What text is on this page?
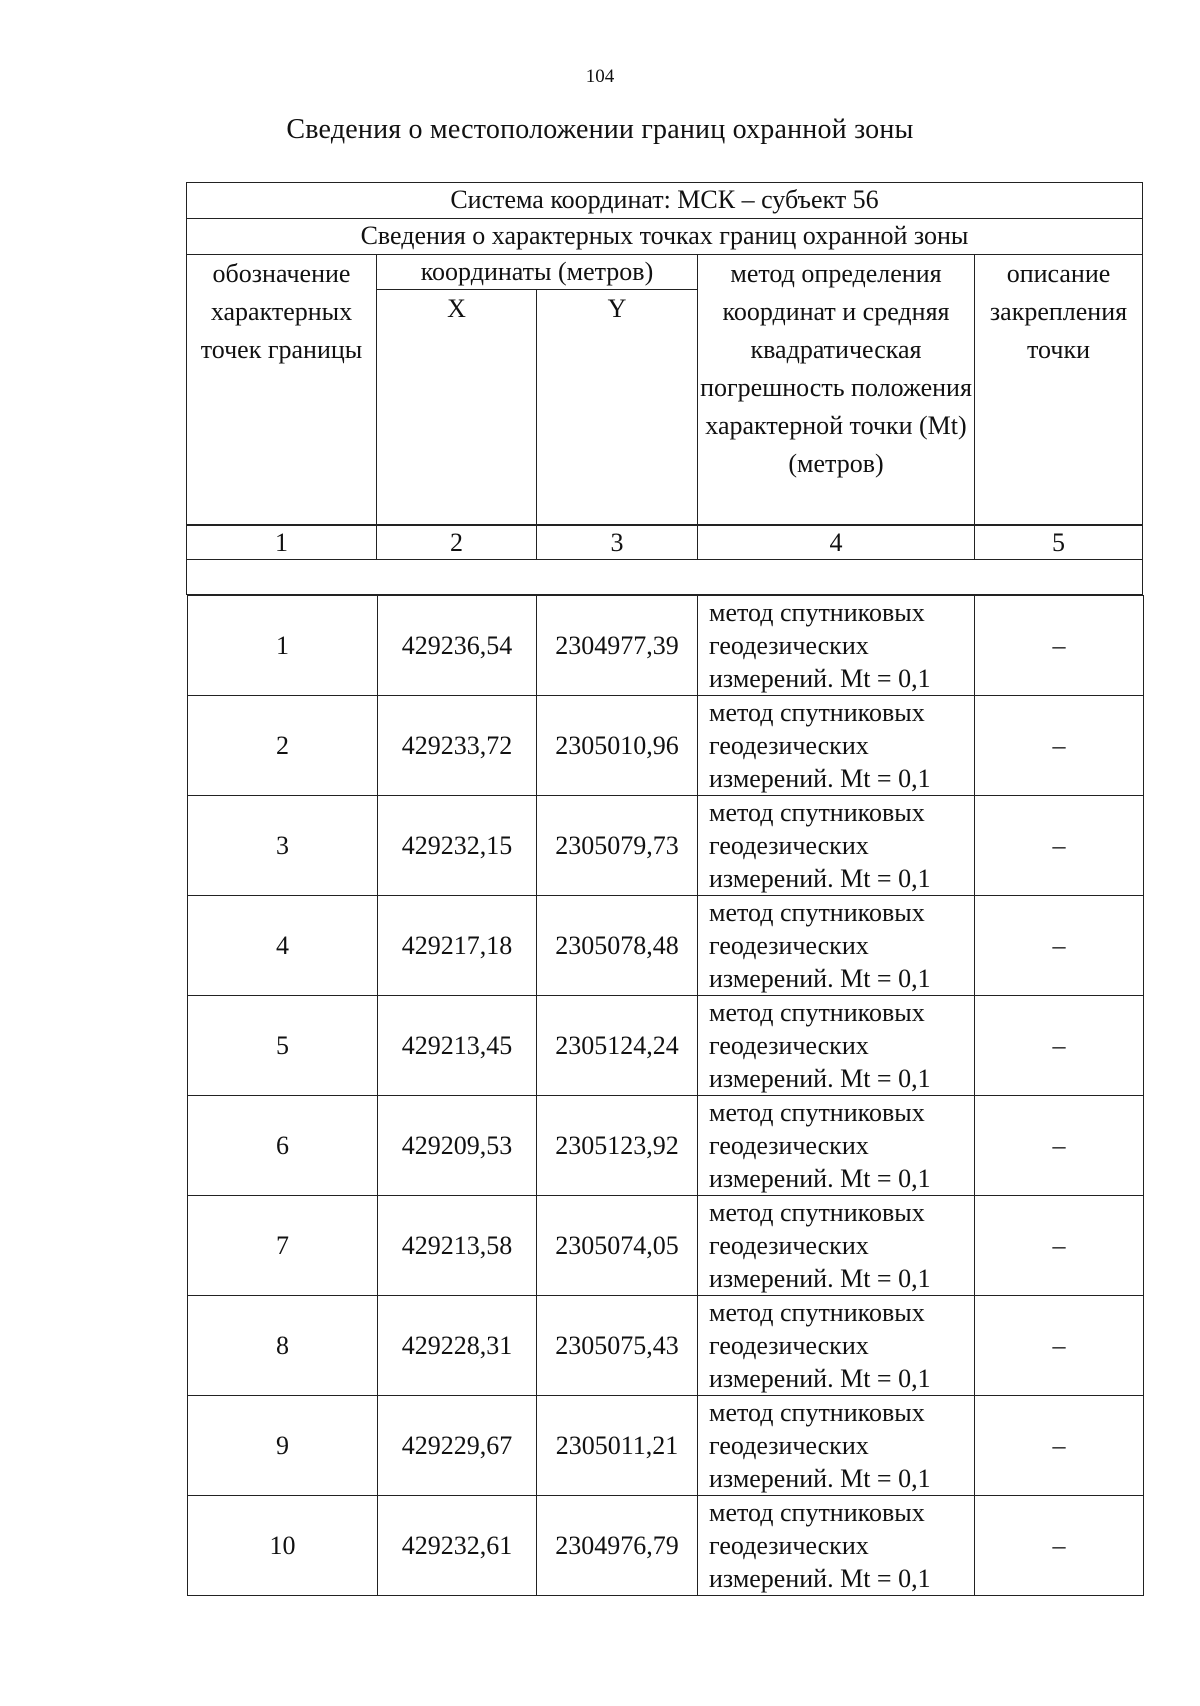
104
Сведения о местоположении границ охранной зоны
Система координат: МСК – субъект 56				
Сведения о характерных точках границ охранной зоны				
обозначение характерных точек границы	координаты (метров)		метод определения координат и средняя квадратическая погрешность положения характерной точки (Mt) (метров)	описание закрепления точки
	X	Y		
1	2	3	4	5

1	429236,54	2304977,39	метод спутниковых
геодезических
измерений. Mt = 0,1	–
2	429233,72	2305010,96	метод спутниковых
геодезических
измерений. Mt = 0,1	–
3	429232,15	2305079,73	метод спутниковых
геодезических
измерений. Mt = 0,1	–
4	429217,18	2305078,48	метод спутниковых
геодезических
измерений. Mt = 0,1	–
5	429213,45	2305124,24	метод спутниковых
геодезических
измерений. Mt = 0,1	–
6	429209,53	2305123,92	метод спутниковых
геодезических
измерений. Mt = 0,1	–
7	429213,58	2305074,05	метод спутниковых
геодезических
измерений. Mt = 0,1	–
8	429228,31	2305075,43	метод спутниковых
геодезических
измерений. Mt = 0,1	–
9	429229,67	2305011,21	метод спутниковых
геодезических
измерений. Mt = 0,1	–
10	429232,61	2304976,79	метод спутниковых
геодезических
измерений. Mt = 0,1	–
